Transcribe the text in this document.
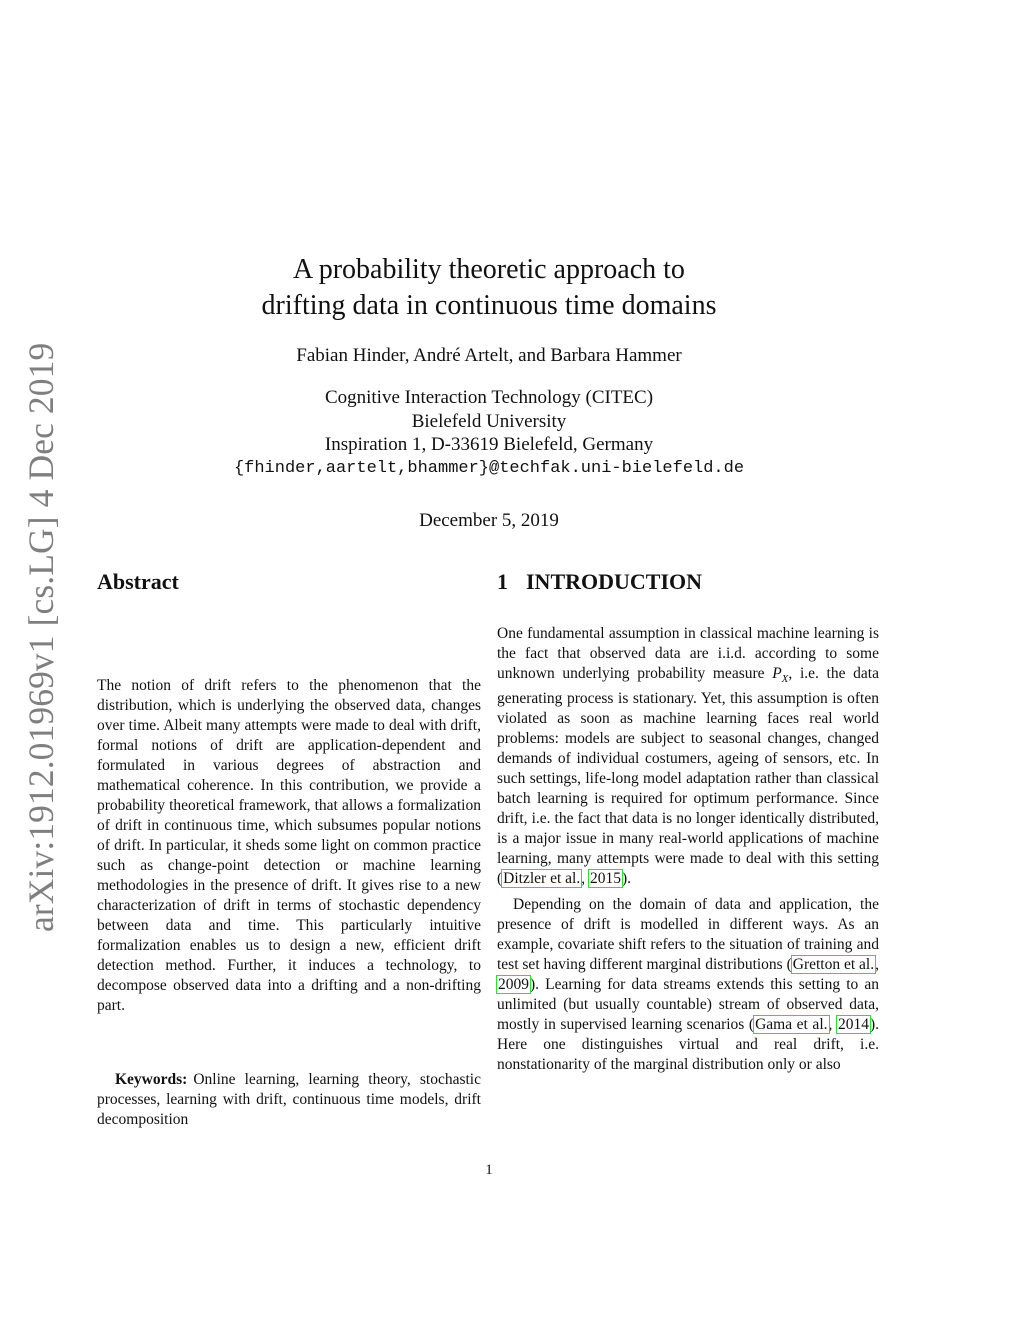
arXiv:1912.01969v1 [cs.LG] 4 Dec 2019
A probability theoretic approach to
drifting data in continuous time domains
Fabian Hinder, André Artelt, and Barbara Hammer
Cognitive Interaction Technology (CITEC)
Bielefeld University
Inspiration 1, D-33619 Bielefeld, Germany
{fhinder,aartelt,bhammer}@techfak.uni-bielefeld.de
December 5, 2019
Abstract

The notion of drift refers to the phenomenon that the distribution, which is underlying the observed data, changes over time. Albeit many attempts were made to deal with drift, formal notions of drift are application-dependent and formulated in various degrees of abstraction and mathematical coherence. In this contribution, we provide a probability theoretical framework, that allows a formalization of drift in continuous time, which subsumes popular notions of drift. In particular, it sheds some light on common practice such as change-point detection or machine learning methodologies in the presence of drift. It gives rise to a new characterization of drift in terms of stochastic dependency between data and time. This particularly intuitive formalization enables us to design a new, efficient drift detection method. Further, it induces a technology, to decompose observed data into a drifting and a non-drifting part.

Keywords: Online learning, learning theory, stochastic processes, learning with drift, continuous time models, drift decomposition
1 INTRODUCTION

One fundamental assumption in classical machine learning is the fact that observed data are i.i.d. according to some unknown underlying probability measure $P_X$, i.e. the data generating process is stationary. Yet, this assumption is often violated as soon as machine learning faces real world problems: models are subject to seasonal changes, changed demands of individual costumers, ageing of sensors, etc. In such settings, life-long model adaptation rather than classical batch learning is required for optimum performance. Since drift, i.e. the fact that data is no longer identically distributed, is a major issue in many real-world applications of machine learning, many attempts were made to deal with this setting (Ditzler et al., 2015).

Depending on the domain of data and application, the presence of drift is modelled in different ways. As an example, covariate shift refers to the situation of training and test set having different marginal distributions (Gretton et al., 2009). Learning for data streams extends this setting to an unlimited (but usually countable) stream of observed data, mostly in supervised learning scenarios (Gama et al., 2014). Here one distinguishes virtual and real drift, i.e. nonstationarity of the marginal distribution only or also

1
